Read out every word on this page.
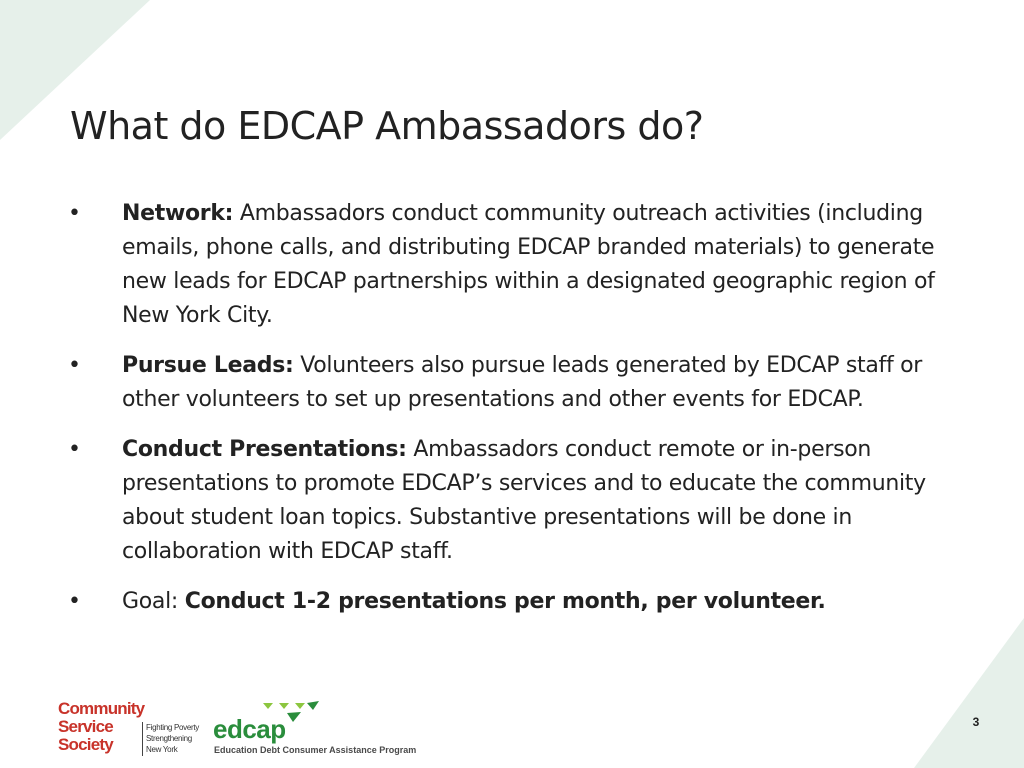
What do EDCAP Ambassadors do?
• Network: Ambassadors conduct community outreach activities (including emails, phone calls, and distributing EDCAP branded materials) to generate new leads for EDCAP partnerships within a designated geographic region of New York City.
• Pursue Leads: Volunteers also pursue leads generated by EDCAP staff or other volunteers to set up presentations and other events for EDCAP.
• Conduct Presentations: Ambassadors conduct remote or in-person presentations to promote EDCAP’s services and to educate the community about student loan topics. Substantive presentations will be done in collaboration with EDCAP staff.
• Goal: Conduct 1-2 presentations per month, per volunteer.
Community
Service
Society
Fighting Poverty
Strengthening
New York
edcap
Education Debt Consumer Assistance Program
3
